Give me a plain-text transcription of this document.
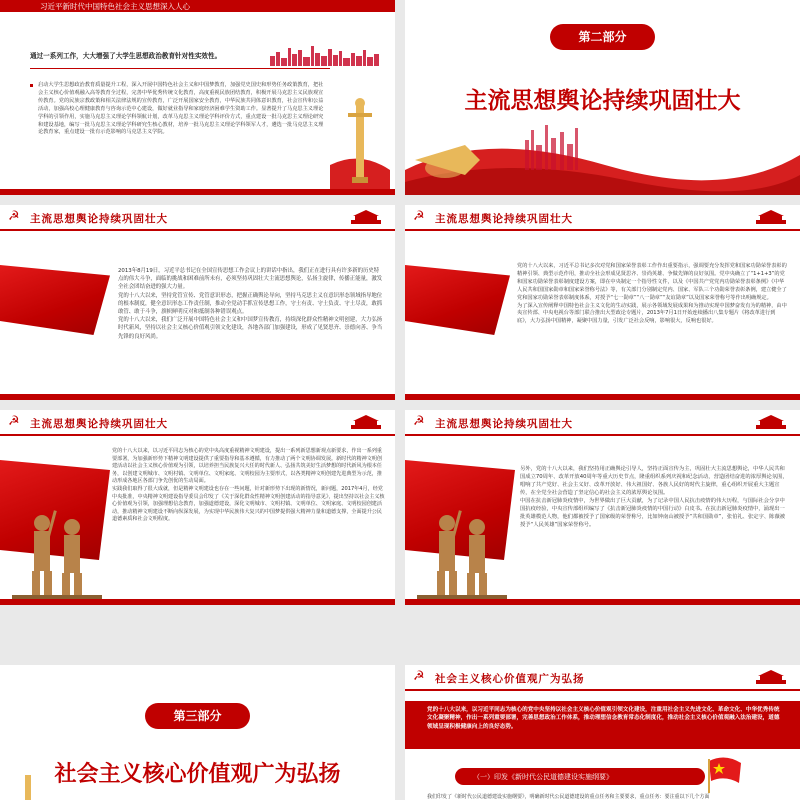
习近平新时代中国特色社会主义思想深入人心
通过一系列工作，大大增强了大学生思想政治教育针对性实效性。
启动大学生思想政治教育质量提升工程，深入开展中国特色社会主义和中国梦教育，加强党史国史和形势任务政策教育，把社会主义核心价值观融入高等教育全过程，完善中华优秀传统文化教育，高度重视民族团结教育，积极开展马克思主义民族观宣传教育。党的民族宗教政策和相关法律法规的宣传教育，广泛开展国家安全教育，中华民族共同体意识教育，社会宣传和公益活动，加强高校心理健康教育与咨询示范中心建设，做好就业指导和家庭经济困难学生资助工作。显著提升了马克思主义理论学科的引领作用，实施马克思主义理论学科领航计划，改革马克思主义理论学科评价方式，重点建设一批马克思主义理论研究和建设基地，编写一批马克思主义理论学科研究生核心教材，培养一批马克思主义理论学科领军人才，遴选一批马克思主义理论教育家，重点建设一批有示范影响的马克思主义学院。
第二部分
主流思想舆论持续巩固壮大
☭ 主流思想舆论持续巩固壮大
2013年8月19日，习近平总书记在全国宣传思想工作会议上的讲话中指出，我们正在进行具有许多新的历史特点的伟大斗争，面临的挑战和困难前所未有，必须坚持巩固壮大主流思想舆论，弘扬主旋律，传播正能量，激发全社会团结奋进的强大力量。
党的十八大以来，坚持党管宣传、党管意识形态，把握正确舆论导向，坚持马克思主义在意识形态领域指导地位的根本制度，健全意识形态工作责任制，推动全党动手抓宣传思想工作，守土有责、守土负责、守土尽责，敢抓敢管、敢于斗争，旗帜鲜明反对和抵制各种错误观点。
党的十八大以来，我们广泛开展中国特色社会主义和中国梦宣传教育，持续深化群众性精神文明创建，大力弘扬时代新风，坚持以社会主义核心价值观引领文化建设，各地各部门加强建设，形成了见贤思齐、崇德向善、争当先锋的良好风尚。
☭ 主流思想舆论持续巩固壮大
党的十八大以来，习近平总书记多次对党和国家荣誉表彰工作作出重要指示，强调要充分发挥党和国家功勋荣誉表彰的精神引领、典型示范作用，推动全社会形成见贤思齐、崇尚英雄、争做先锋的良好氛围。党中央确立了“1+1+3”的党和国家功勋荣誉表彰制度建设方案，即在中央制定一个指导性文件，以及《中国共产党党内功勋荣誉表彰条例》《中华人民共和国国家勋章和国家荣誉称号法》等，有关部门分别制定党内、国家、军队三个功勋荣誉表彰条例，建立健全了党和国家功勋荣誉表彰制度体系，对授予“七一勋章”“八一勋章”“友谊勋章”以及国家荣誉称号等作出明确规定。
为了深入宣传阐释中国特色社会主义文化的生动实践，展示各领域发展成果和为推动实现中国梦奋发有为的精神，由中央宣传部、中央电视台等部门联合推出大型政论专题片，2013年7月1日开始连续播出八集专题片《将改革进行到底》，大力弘扬中国精神，凝聚中国力量，引发广泛社会反响，影响很大，反响也很好。
☭ 主流思想舆论持续巩固壮大
党的十八大以来，以习近平同志为核心的党中央高度重视精神文明建设，提出一系列新思想新观点新要求，作出一系列重要部署，为加强新形势下精神文明建设提供了重要指导和基本遵循，有力推动了两个文明协调发展。新时代的精神文明创建活动以社会主义核心价值观为引领，以培养担当民族复兴大任的时代新人、弘扬共筑美好生活梦想的时代新风为根本任务，以创建文明城市、文明村镇、文明单位、文明家庭、文明校园为主要形式，以各类精神文明创建先进典型为示范，推动形成各地区各部门争先创优的生动局面。
实践我们取得了很大成就，但是精神文明建设也存在一些问题，针对新形势下出现的新情况，新问题，2017年4月，经党中央批准，中央精神文明建设指导委员会印发了《关于深化群众性精神文明创建活动的指导意见》，提出坚持以社会主义核心价值观为引领，加强理想信念教育，加强道德建设，深化文明城市、文明村镇、文明单位、文明家庭、文明校园创建活动，推动精神文明建设不断向纵深发展，为实现中华民族伟大复兴的中国梦提供强大精神力量和道德支撑，全面提升公民道德素质和社会文明程度。
☭ 主流思想舆论持续巩固壮大
另外，党的十八大以来，我们坚持用正确舆论引导人，坚持正面宣传为主，巩固壮大主流思想舆论，中华人民共和国成立70周年、改革开放40周年等重大历史节点，隆重组织系列庆祝和纪念活动，营造团结奋进的浓厚舆论氛围，唱响了共产党好、社会主义好、改革开放好、伟大祖国好、各族人民好的时代主旋律，重心组织开展重大主题宣传，在全党全社会营造了坚定信心的社会主义的浓厚舆论氛围。
中国在抗击新冠肺炎疫情中，为世界做出了巨大贡献，为了记录中国人民抗击疫情的伟大历程，与国际社会分享中国抗疫经验，中央宣传部组织编写了《抗击新冠肺炎疫情的中国行动》白皮书。在抗击新冠肺炎疫情中，涌现出一批英雄模范人物，他们都被授予了国家级的荣誉称号，比如钟南山被授予“共和国勋章”，张伯礼、张定宇、陈薇被授予“人民英雄”国家荣誉称号。
第三部分
社会主义核心价值观广为弘扬
☭ 社会主义核心价值观广为弘扬
党的十八大以来，以习近平同志为核心的党中央坚持以社会主义核心价值观引领文化建设，注重用社会主义先进文化、革命文化、中华优秀传统文化凝聚精神，作出一系列重要部署，完善思想政治工作体系，推动理想信念教育常态化制度化，推动社会主义核心价值观融入法治建设，道德领域呈现积极健康向上的良好态势。
（一）印发《新时代公民道德建设实施纲要》
我们印发了《新时代公民道德建设实施纲要》，明确新时代公民道德建设的重点任务和主要要求，重点任务：要注重以下几个方面
